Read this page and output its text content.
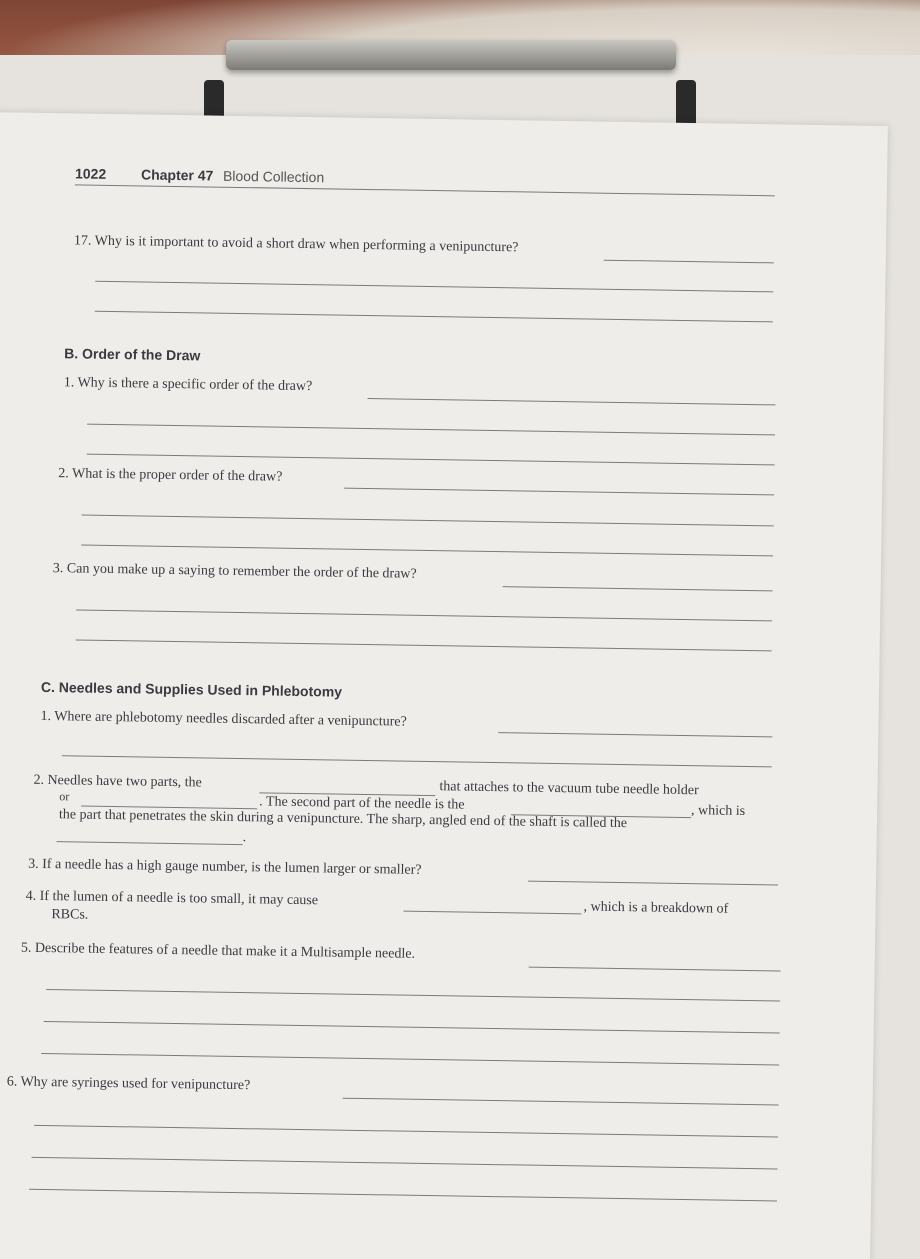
1022 Chapter 47 Blood Collection
17. Why is it important to avoid a short draw when performing a venipuncture?
B. Order of the Draw
1. Why is there a specific order of the draw?
2. What is the proper order of the draw?
3. Can you make up a saying to remember the order of the draw?
C. Needles and Supplies Used in Phlebotomy
1. Where are phlebotomy needles discarded after a venipuncture?
2. Needles have two parts, the	that attaches to the vacuum tube needle holder
or	. The second part of the needle is the	, which is
the part that penetrates the skin during a venipuncture. The sharp, angled end of the shaft is called the
.
3. If a needle has a high gauge number, is the lumen larger or smaller?
4. If the lumen of a needle is too small, it may cause	, which is a breakdown of
RBCs.
5. Describe the features of a needle that make it a Multisample needle.
6. Why are syringes used for venipuncture?
